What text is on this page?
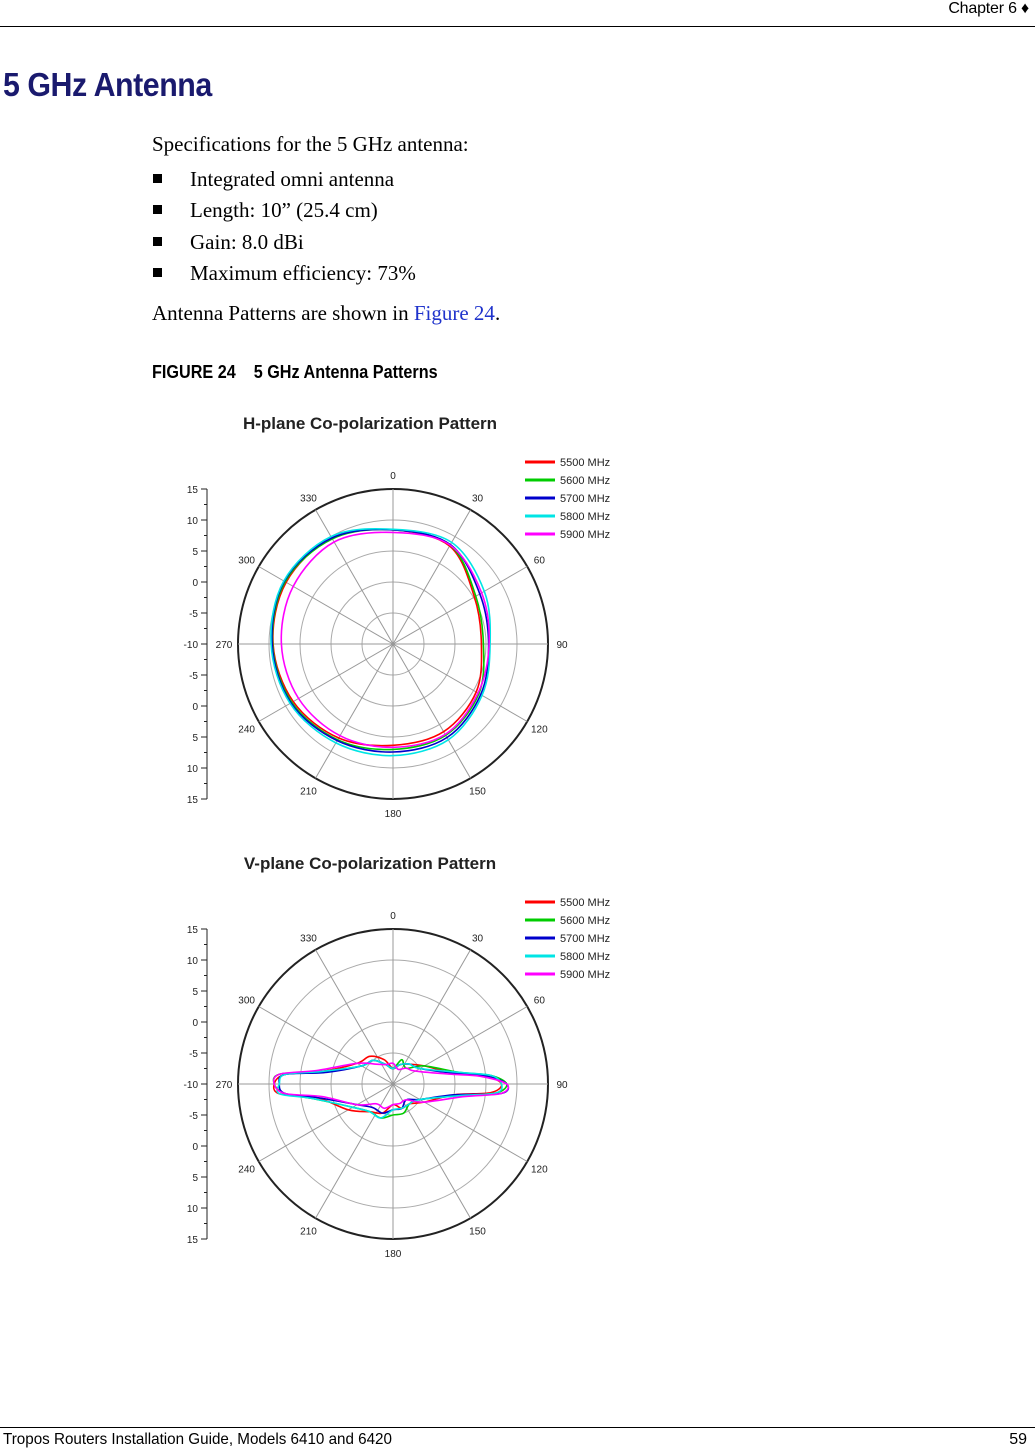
Chapter 6 ♦
5 GHz Antenna
Specifications for the 5 GHz antenna:
Integrated omni antenna
Length: 10” (25.4 cm)
Gain: 8.0 dBi
Maximum efficiency: 73%
Antenna Patterns are shown in Figure 24.
FIGURE 24 5 GHz Antenna Patterns
H-plane Co-polarization Pattern
0
30
60
90
120
150
180
210
240
270
300
330
15
10
5
0
-5
-10
-5
0
5
10
15
5500 MHz
5600 MHz
5700 MHz
5800 MHz
5900 MHz
V-plane Co-polarization Pattern
0
30
60
90
120
150
180
210
240
270
300
330
15
10
5
0
-5
-10
-5
0
5
10
15
5500 MHz
5600 MHz
5700 MHz
5800 MHz
5900 MHz
Tropos Routers Installation Guide, Models 6410 and 6420	59
